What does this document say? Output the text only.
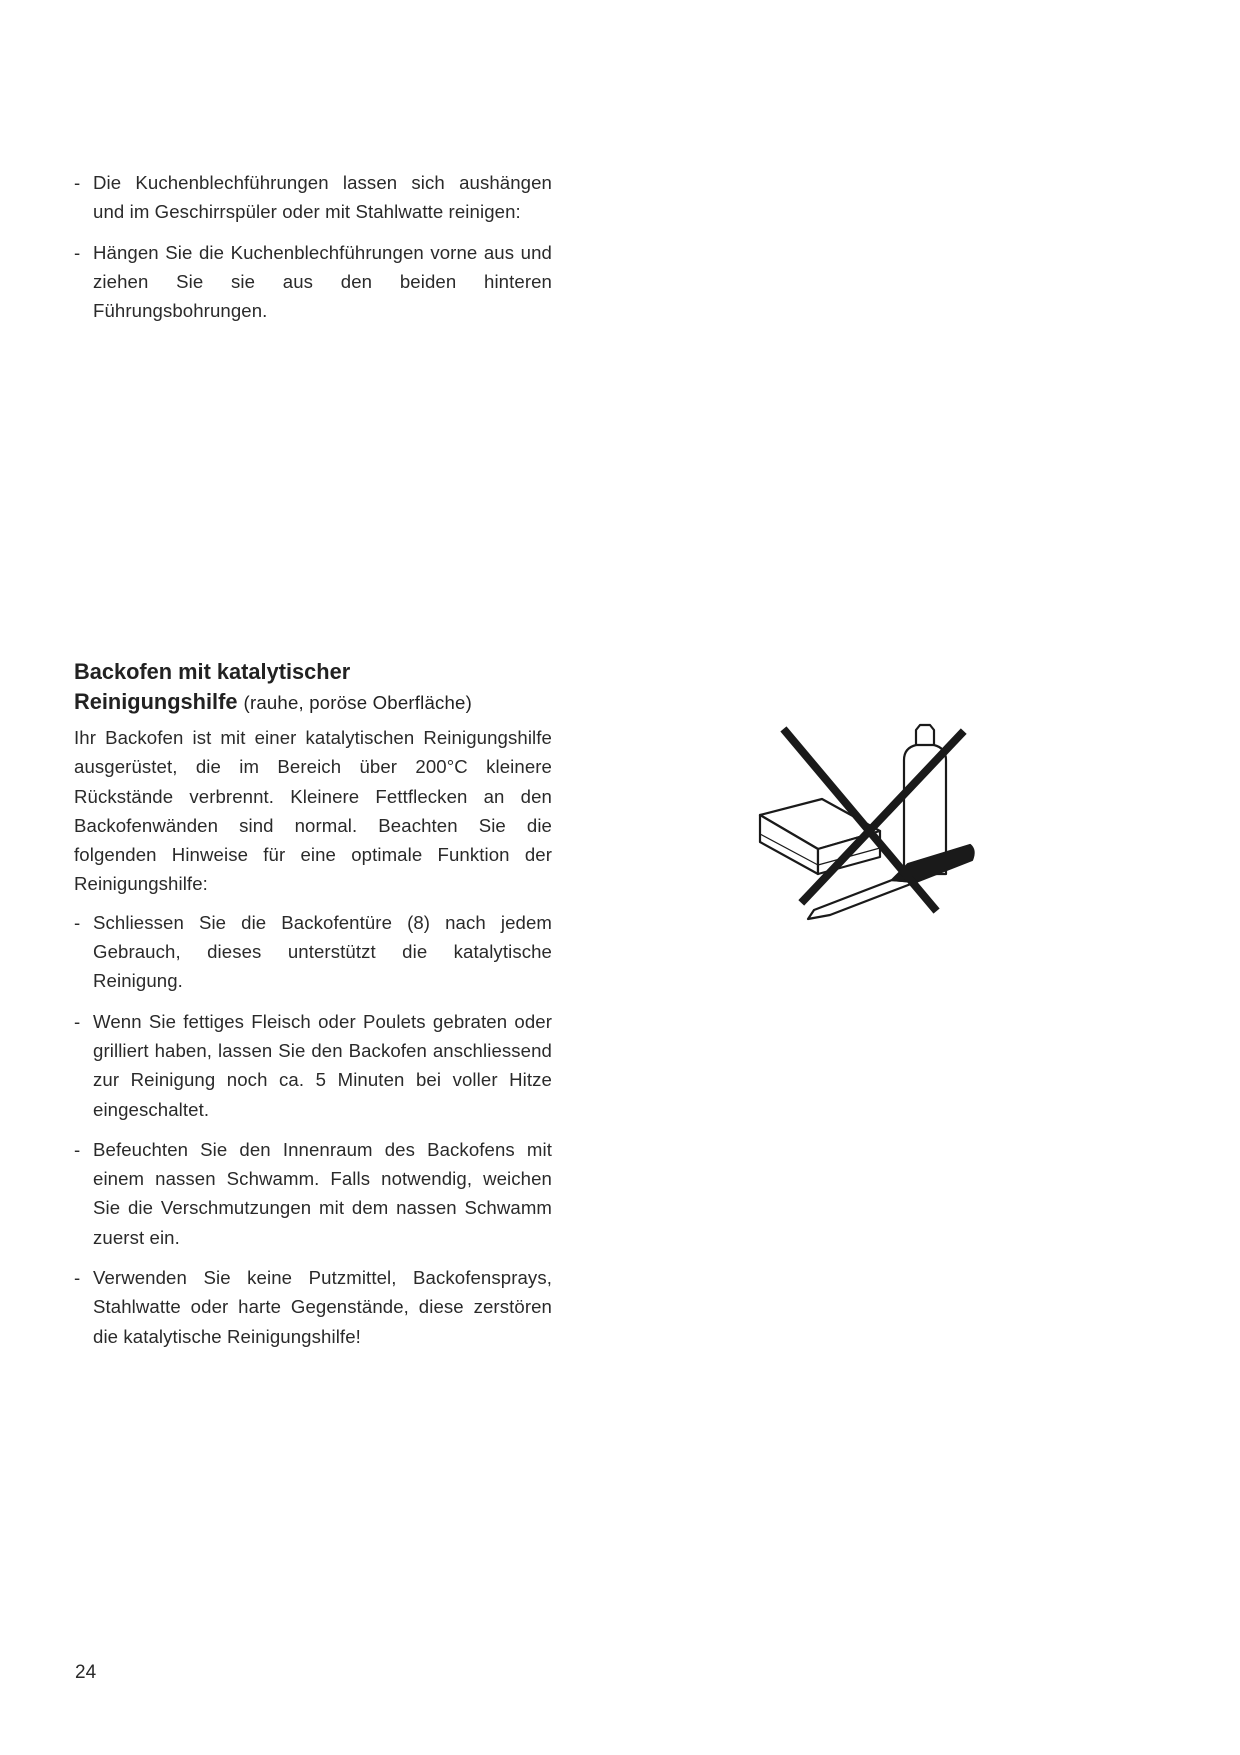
- Die Kuchenblechführungen lassen sich aushängen und im Geschirrspüler oder mit Stahlwatte reinigen:
- Hängen Sie die Kuchenblechführungen vorne aus und ziehen Sie sie aus den beiden hinteren Führungsbohrungen.
Backofen mit katalytischer
Reinigungshilfe (rauhe, poröse Oberfläche)

Ihr Backofen ist mit einer katalytischen Reinigungshilfe ausgerüstet, die im Bereich über 200°C kleinere Rückstände verbrennt. Kleinere Fettflecken an den Backofenwänden sind normal. Beachten Sie die folgenden Hinweise für eine optimale Funktion der Reinigungshilfe:

- Schliessen Sie die Backofentüre (8) nach jedem Gebrauch, dieses unterstützt die katalytische Reinigung.
- Wenn Sie fettiges Fleisch oder Poulets gebraten oder grilliert haben, lassen Sie den Backofen anschliessend zur Reinigung noch ca. 5 Minuten bei voller Hitze eingeschaltet.
- Befeuchten Sie den Innenraum des Backofens mit einem nassen Schwamm. Falls notwendig, weichen Sie die Verschmutzungen mit dem nassen Schwamm zuerst ein.
- Verwenden Sie keine Putzmittel, Backofensprays, Stahlwatte oder harte Gegenstände, diese zerstören die katalytische Reinigungshilfe!
24
